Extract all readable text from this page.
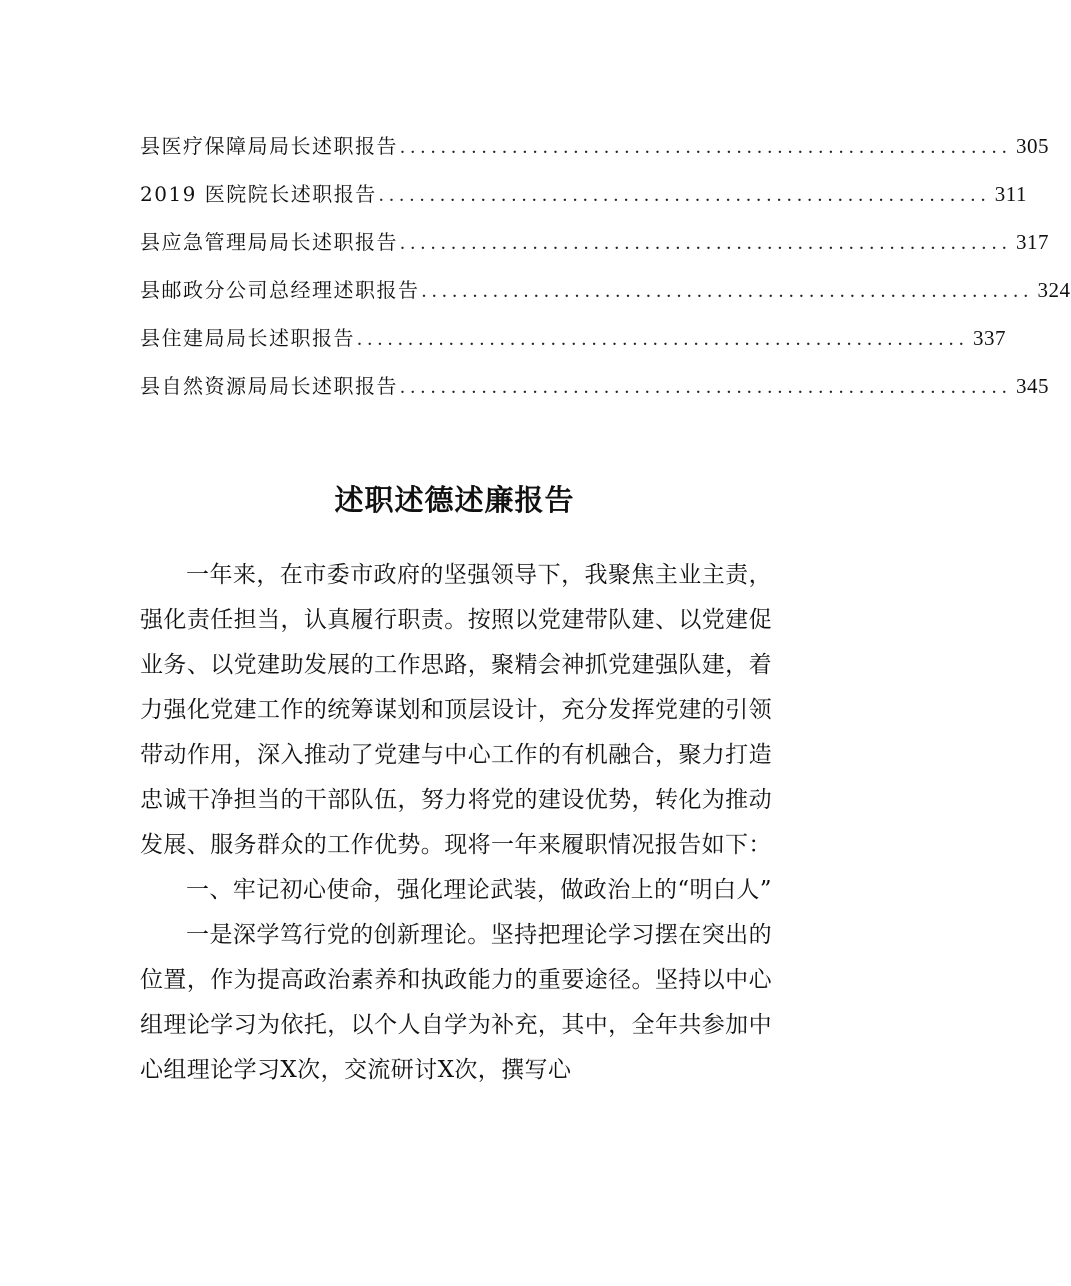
县医疗保障局局长述职报告 ............................................................ 305
2019 医院院长述职报告 ............................................................ 311
县应急管理局局长述职报告 ............................................................ 317
县邮政分公司总经理述职报告 ............................................................ 324
县住建局局长述职报告 ............................................................ 337
县自然资源局局长述职报告 ............................................................ 345
述职述德述廉报告

一年来，在市委市政府的坚强领导下，我聚焦主业主责，强化责任担当，认真履行职责。按照以党建带队建、以党建促业务、以党建助发展的工作思路，聚精会神抓党建强队建，着力强化党建工作的统筹谋划和顶层设计，充分发挥党建的引领带动作用，深入推动了党建与中心工作的有机融合，聚力打造忠诚干净担当的干部队伍，努力将党的建设优势，转化为推动发展、服务群众的工作优势。现将一年来履职情况报告如下：

一、牢记初心使命，强化理论武装，做政治上的“明白人”

一是深学笃行党的创新理论。坚持把理论学习摆在突出的位置，作为提高政治素养和执政能力的重要途径。坚持以中心组理论学习为依托，以个人自学为补充，其中，全年共参加中心组理论学习X次，交流研讨X次，撰写心
